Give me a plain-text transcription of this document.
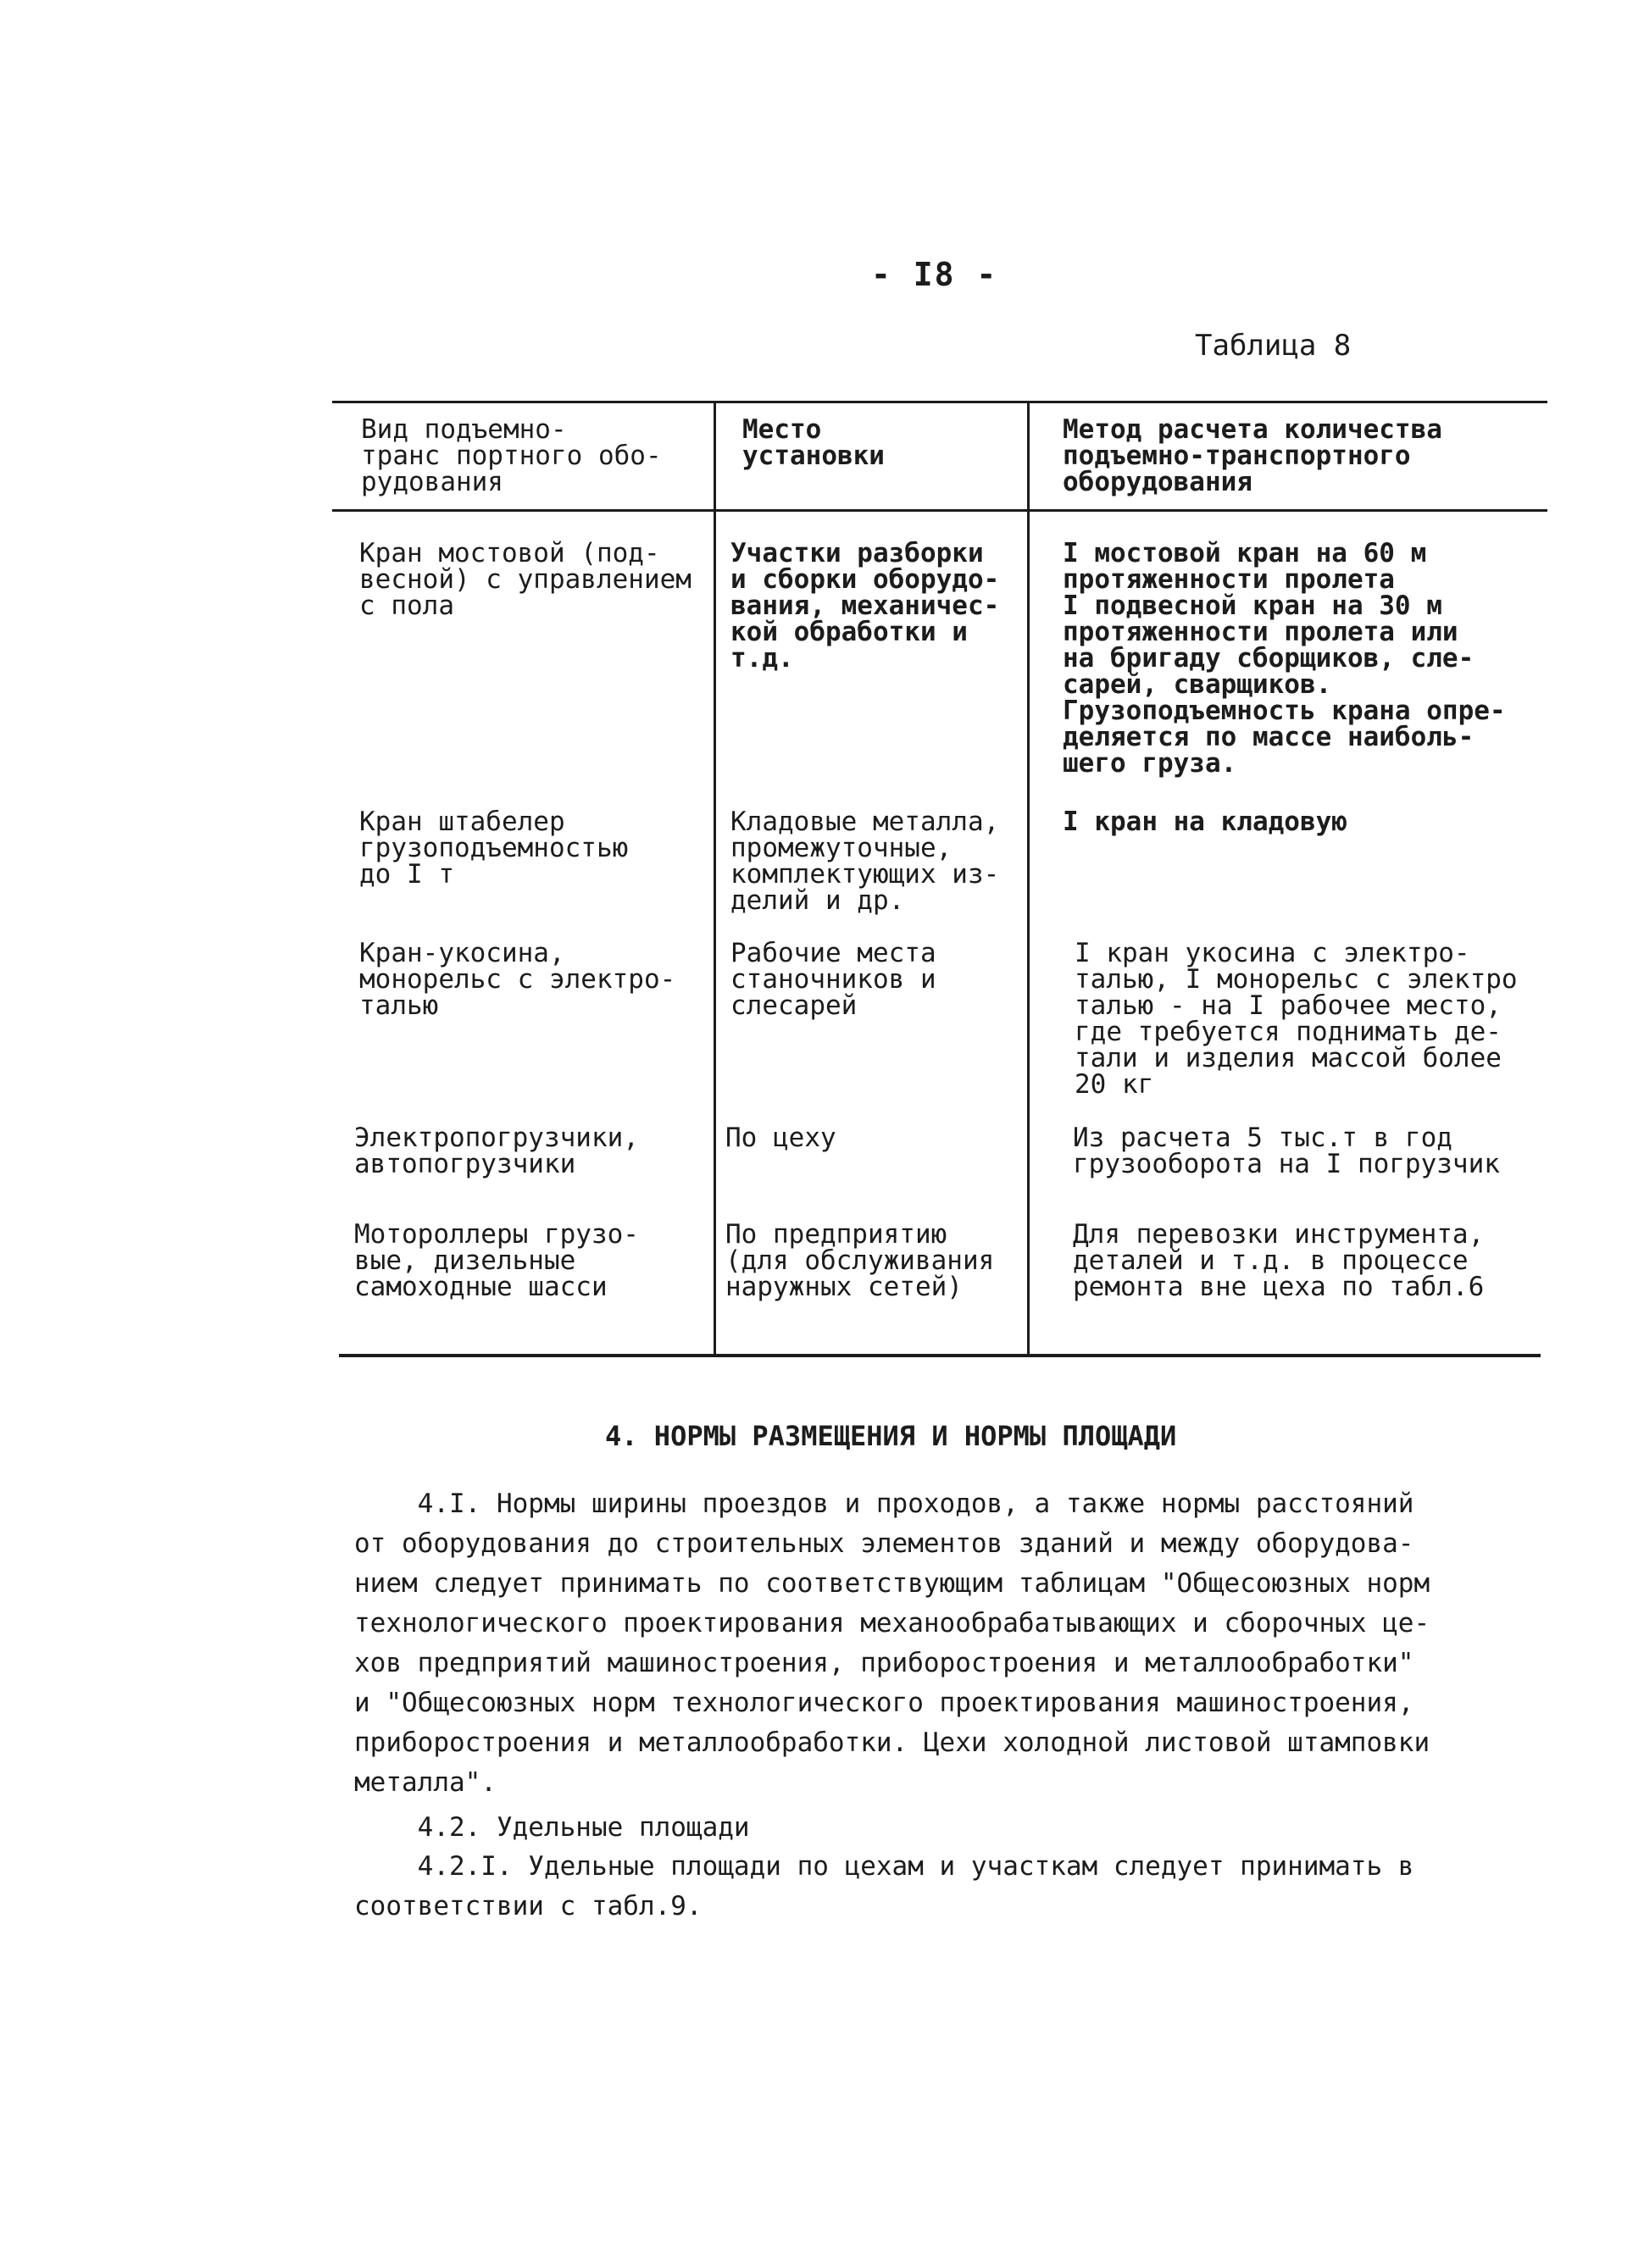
- I8 -
Таблица 8
Вид подъемно-
транс портного обо-
рудования
Место
установки
Метод расчета количества
подъемно-транспортного
оборудования
Кран мостовой (под-
весной) с управлением
с пола
Участки разборки
и сборки оборудо-
вания, механичес-
кой обработки и
т.д.
I мостовой кран на 60 м
протяженности пролета
I подвесной кран на 30 м
протяженности пролета или
на бригаду сборщиков, сле-
сарей, сварщиков.
Грузоподъемность крана опре-
деляется по массе наиболь-
шего груза.
Кран штабелер
грузоподъемностью
до I т
Кладовые металла,
промежуточные,
комплектующих из-
делий и др.
I кран на кладовую
Кран-укосина,
монорельс с электро-
талью
Рабочие места
станочников и
слесарей
I кран укосина с электро-
талью, I монорельс с электро
талью - на I рабочее место,
где требуется поднимать де-
тали и изделия массой более
20 кг
Электропогрузчики,
автопогрузчики
По цеху	Из расчета 5 тыс.т в год
грузооборота на I погрузчик
Мотороллеры грузо-
вые, дизельные
самоходные шасси
По предприятию
(для обслуживания
наружных сетей)
Для перевозки инструмента,
деталей и т.д. в процессе
ремонта вне цеха по табл.6
4. НОРМЫ РАЗМЕЩЕНИЯ И НОРМЫ ПЛОЩАДИ
4.I. Нормы ширины проездов и проходов, а также нормы расстояний
от оборудования до строительных элементов зданий и между оборудова-
нием следует принимать по соответствующим таблицам "Общесоюзных норм
технологического проектирования механообрабатывающих и сборочных це-
хов предприятий машиностроения, приборостроения и металлообработки"
и "Общесоюзных норм технологического проектирования машиностроения,
приборостроения и металлообработки. Цехи холодной листовой штамповки
металла".
4.2. Удельные площади
4.2.I. Удельные площади по цехам и участкам следует принимать в
соответствии с табл.9.
